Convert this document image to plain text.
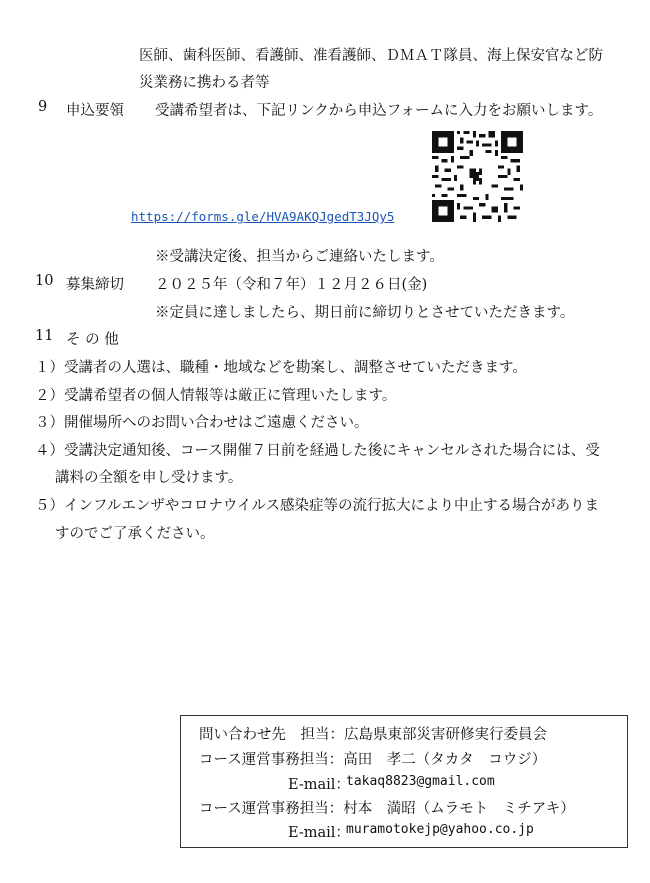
医師、歯科医師、看護師、准看護師、ＤＭＡＴ隊員、海上保安官など防
災業務に携わる者等
9 申込要領 受講希望者は、下記リンクから申込フォームに入力をお願いします。
https://forms.gle/HVA9AKQJgedT3JQy5
※受講決定後、担当からご連絡いたします。
10 募集締切 ２０２５年（令和７年）１２月２６日(金)
※定員に達しましたら、期日前に締切りとさせていただきます。
11 そ の 他
１）受講者の人選は、職種・地域などを勘案し、調整させていただきます。
２）受講希望者の個人情報等は厳正に管理いたします。
３）開催場所へのお問い合わせはご遠慮ください。
４）受講決定通知後、コース開催７日前を経過した後にキャンセルされた場合には、受
講料の全額を申し受けます。
５）インフルエンザやコロナウイルス感染症等の流行拡大により中止する場合がありま
すのでご了承ください。
問い合わせ先　担当：広島県東部災害研修実行委員会
コース運営事務担当：高田　孝二（タカタ　コウジ）
E-mail：
takaq8823@gmail.com
コース運営事務担当：村本　満昭（ムラモト　ミチアキ）
E-mail：
muramotokejp@yahoo.co.jp
